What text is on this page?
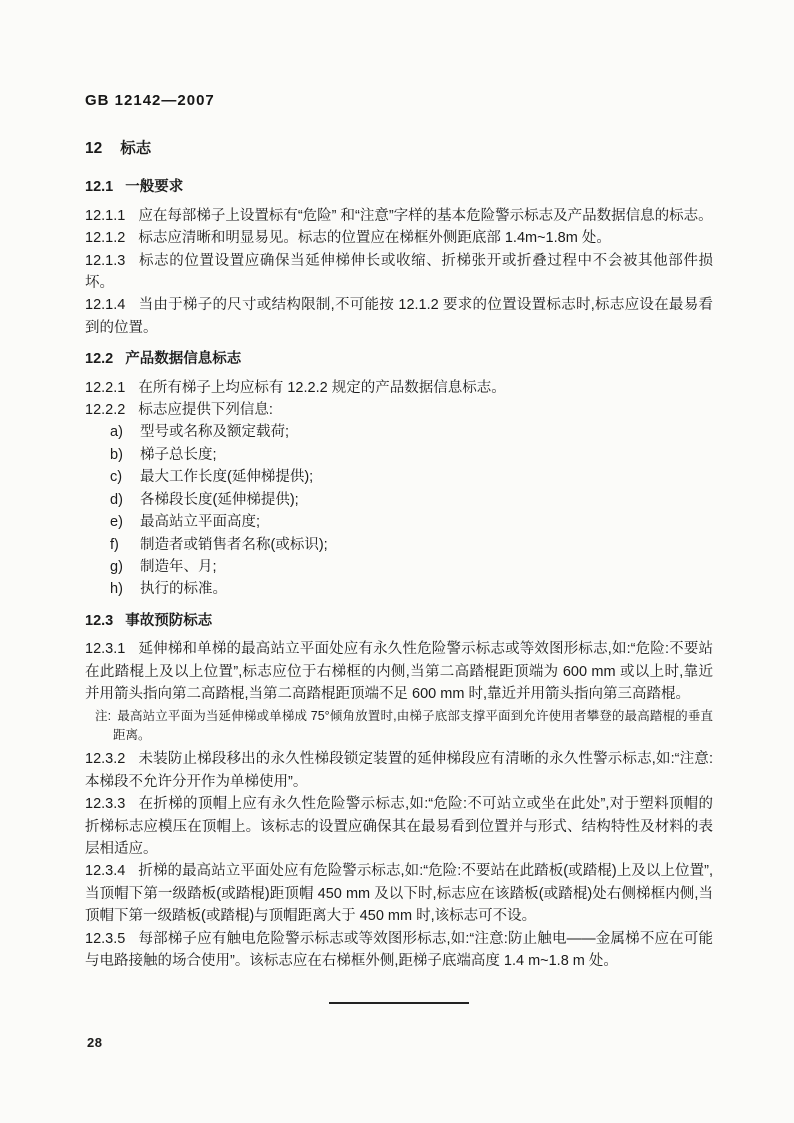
GB 12142—2007
12 标志
12.1 一般要求

12.1.1 应在每部梯子上设置标有“危险” 和“注意”字样的基本危险警示标志及产品数据信息的标志。

12.1.2 标志应清晰和明显易见。标志的位置应在梯框外侧距底部 1.4m~1.8m 处。

12.1.3 标志的位置设置应确保当延伸梯伸长或收缩、折梯张开或折叠过程中不会被其他部件损坏。

12.1.4 当由于梯子的尺寸或结构限制,不可能按 12.1.2 要求的位置设置标志时,标志应设在最易看到的位置。

12.2 产品数据信息标志

12.2.1 在所有梯子上均应标有 12.2.2 规定的产品数据信息标志。

12.2.2 标志应提供下列信息:

a) 型号或名称及额定载荷;
b) 梯子总长度;
c) 最大工作长度(延伸梯提供);
d) 各梯段长度(延伸梯提供);
e) 最高站立平面高度;
f) 制造者或销售者名称(或标识);
g) 制造年、月;
h) 执行的标准。
12.3 事故预防标志

12.3.1 延伸梯和单梯的最高站立平面处应有永久性危险警示标志或等效图形标志,如:“危险:不要站在此踏棍上及以上位置”,标志应位于右梯框的内侧,当第二高踏棍距顶端为 600 mm 或以上时,靠近并用箭头指向第二高踏棍,当第二高踏棍距顶端不足 600 mm 时,靠近并用箭头指向第三高踏棍。

注: 最高站立平面为当延伸梯或单梯成 75°倾角放置时,由梯子底部支撑平面到允许使用者攀登的最高踏棍的垂直距离。

12.3.2 未装防止梯段移出的永久性梯段锁定装置的延伸梯段应有清晰的永久性警示标志,如:“注意:本梯段不允许分开作为单梯使用”。

12.3.3 在折梯的顶帽上应有永久性危险警示标志,如:“危险:不可站立或坐在此处”,对于塑料顶帽的折梯标志应模压在顶帽上。该标志的设置应确保其在最易看到位置并与形式、结构特性及材料的表层相适应。

12.3.4 折梯的最高站立平面处应有危险警示标志,如:“危险:不要站在此踏板(或踏棍)上及以上位置”,当顶帽下第一级踏板(或踏棍)距顶帽 450 mm 及以下时,标志应在该踏板(或踏棍)处右侧梯框内侧,当顶帽下第一级踏板(或踏棍)与顶帽距离大于 450 mm 时,该标志可不设。

12.3.5 每部梯子应有触电危险警示标志或等效图形标志,如:“注意:防止触电——金属梯不应在可能与电路接触的场合使用”。该标志应在右梯框外侧,距梯子底端高度 1.4 m~1.8 m 处。

28
